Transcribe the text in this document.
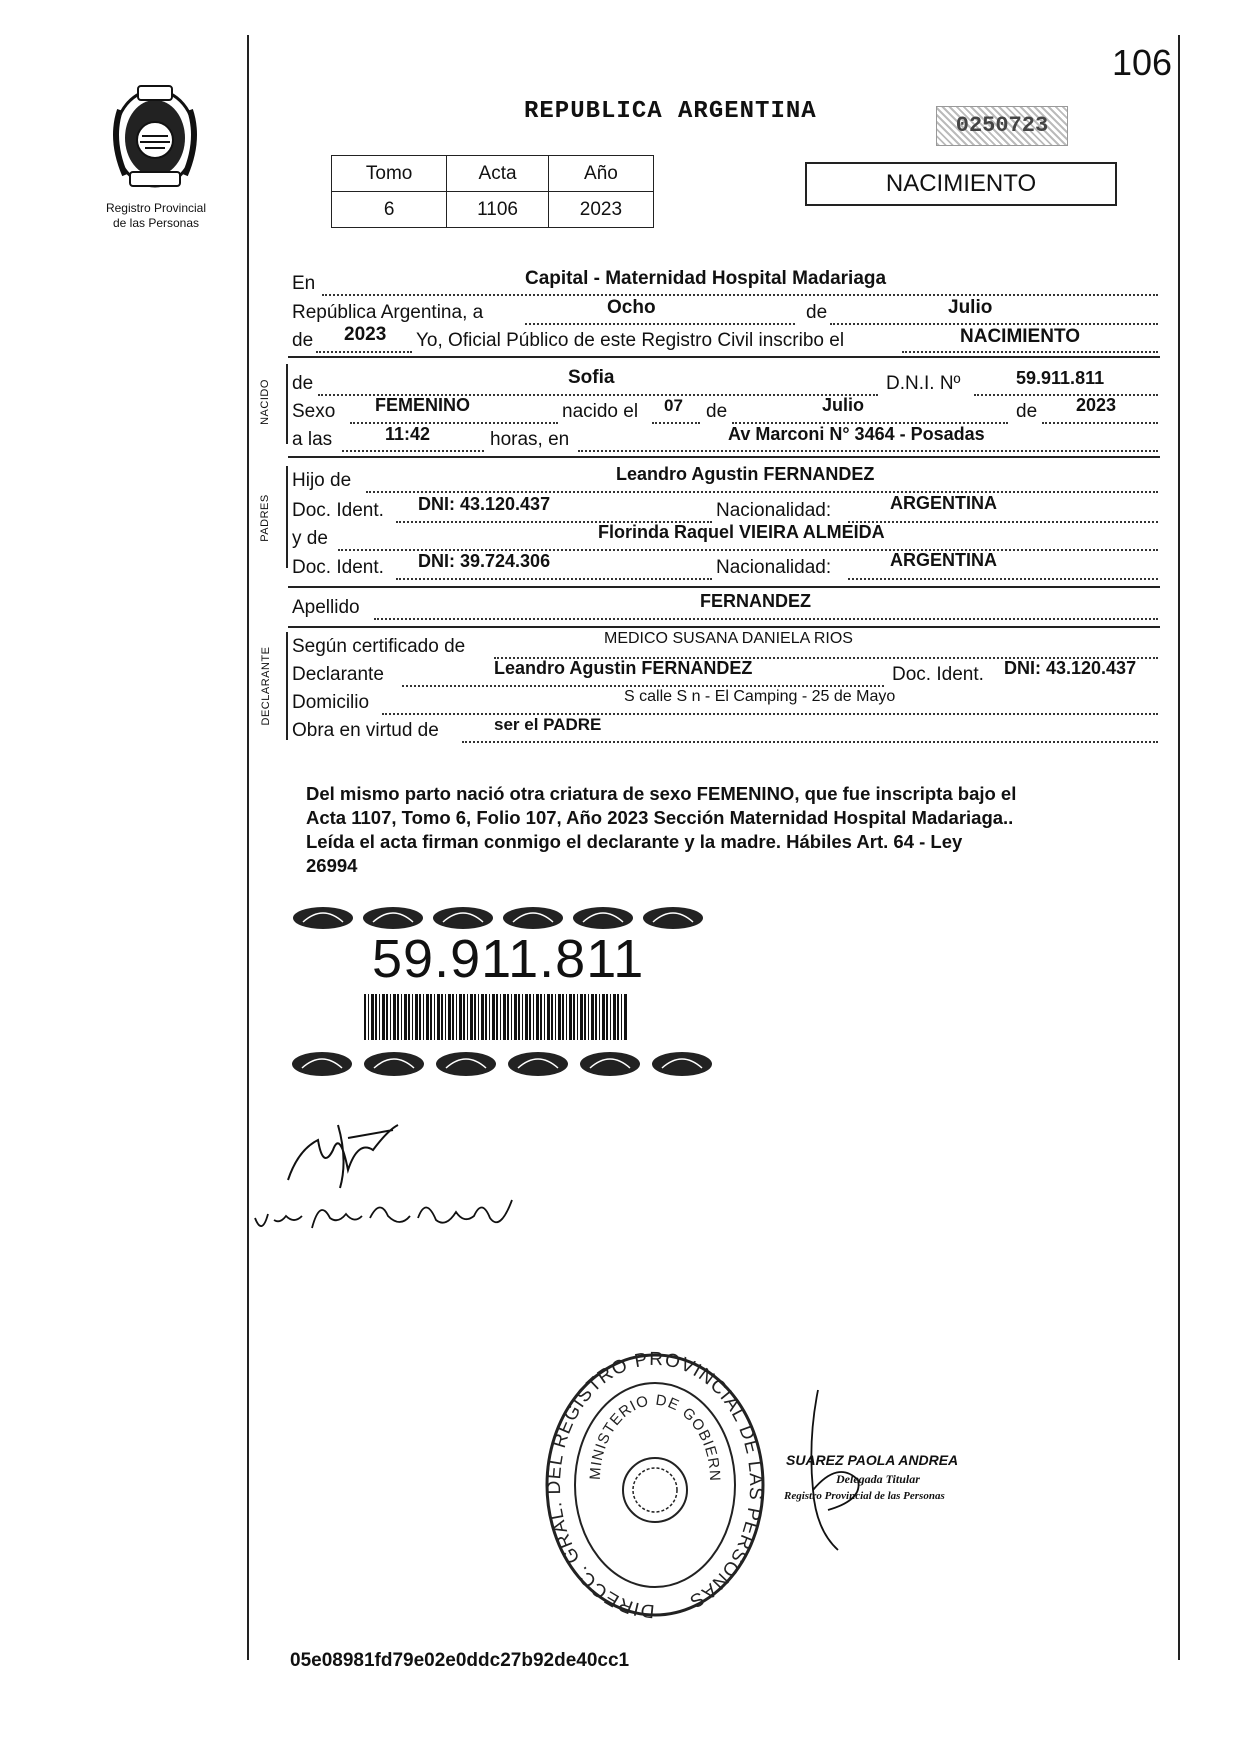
106
Registro Provincial
de las Personas
REPUBLICA ARGENTINA
0250723
NACIMIENTO
Tomo	Acta	Año
6	1106	2023
En	Capital - Maternidad Hospital Madariaga
República Argentina, a	Ocho	de	Julio
de 2023 Yo, Oficial Público de este Registro Civil inscribo el	NACIMIENTO
NACIDO de	Sofia	D.N.I. Nº	59.911.811
Sexo FEMENINO	nacido el 07 de	Julio	de 2023
a las	11:42	horas, en	Av Marconi N° 3464 - Posadas
PADRES
Hijo de	Leandro Agustin FERNANDEZ
Doc. Ident. DNI: 43.120.437	Nacionalidad:	ARGENTINA
y de	Florinda Raquel VIEIRA ALMEIDA
Doc. Ident. DNI: 39.724.306	Nacionalidad:	ARGENTINA
Apellido	FERNANDEZ
DECLARANTE
Según certificado de	MEDICO SUSANA DANIELA RIOS
Declarante	Leandro Agustin FERNANDEZ	Doc. Ident. DNI: 43.120.437
Domicilio	S calle S n - El Camping - 25 de Mayo
Obra en virtud de	ser el PADRE
Del mismo parto nació otra criatura de sexo FEMENINO, que fue inscripta bajo el
Acta 1107, Tomo 6, Folio 107, Año 2023 Sección Maternidad Hospital Madariaga..
Leída el acta firman conmigo el declarante y la madre. Hábiles Art. 64 - Ley
26994
59.911.811
DIRECC. GRAL. DEL REGISTRO PROVINCIAL DE LAS PERSONAS
MINISTERIO DE GOBIERN
SUAREZ PAOLA ANDREA
Delegada Titular
Registro Provincial de las Personas
05e08981fd79e02e0ddc27b92de40cc1
